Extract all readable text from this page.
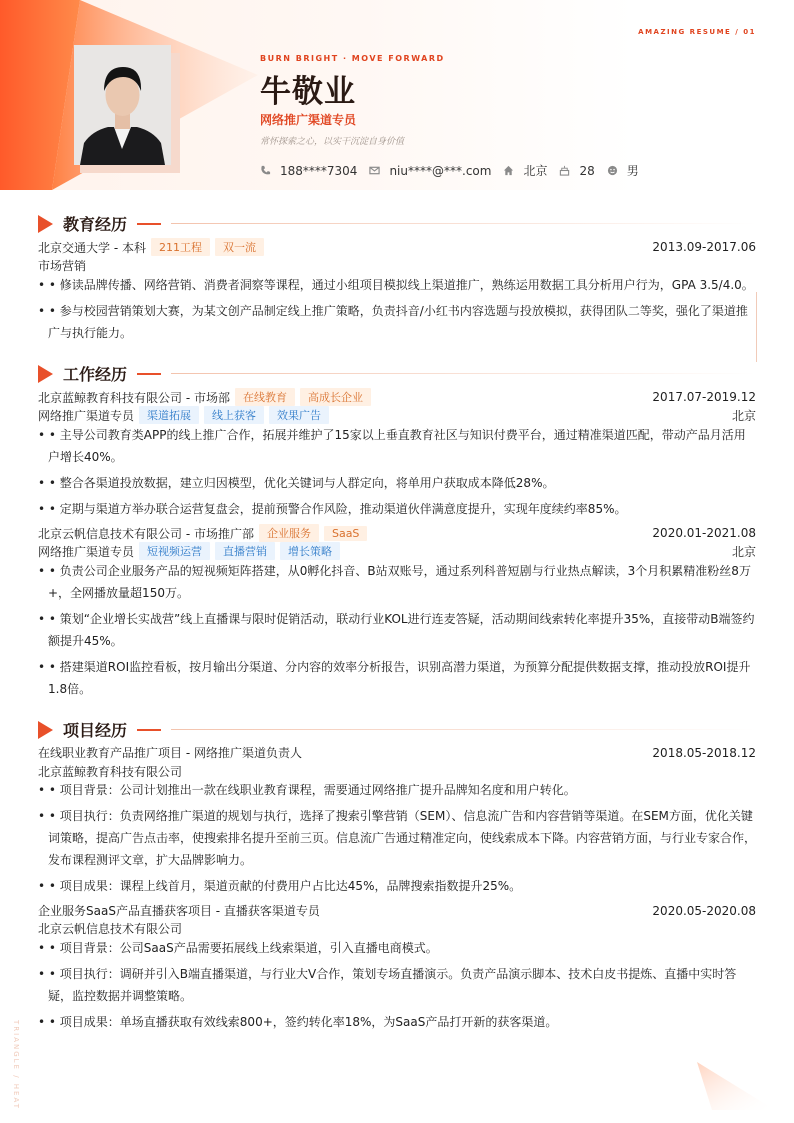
AMAZING RESUME / 01
TRIANGLE / HEAT
BURN BRIGHT · MOVE FORWARD
牛敬业
网络推广渠道专员
常怀探索之心，以实干沉淀自身价值
188****7304	niu****@***.com	北京	28	男
教育经历
北京交通大学 - 本科	211工程	双一流	2013.09-2017.06
市场营销
• • 修读品牌传播、网络营销、消费者洞察等课程，通过小组项目模拟线上渠道推广，熟练运用数据工具分析用户行为，GPA 3.5/4.0。
• • 参与校园营销策划大赛，为某文创产品制定线上推广策略，负责抖音/小红书内容选题与投放模拟，获得团队二等奖，强化了渠道推广与执行能力。
工作经历
北京蓝鲸教育科技有限公司 - 市场部	在线教育	高成长企业	2017.07-2019.12
网络推广渠道专员	渠道拓展	线上获客	效果广告	北京
• • 主导公司教育类APP的线上推广合作，拓展并维护了15家以上垂直教育社区与知识付费平台，通过精准渠道匹配，带动产品月活用户增长40%。
• • 整合各渠道投放数据，建立归因模型，优化关键词与人群定向，将单用户获取成本降低28%。
• • 定期与渠道方举办联合运营复盘会，提前预警合作风险，推动渠道伙伴满意度提升，实现年度续约率85%。
北京云帆信息技术有限公司 - 市场推广部	企业服务	SaaS	2020.01-2021.08
网络推广渠道专员	短视频运营	直播营销	增长策略	北京
• • 负责公司企业服务产品的短视频矩阵搭建，从0孵化抖音、B站双账号，通过系列科普短剧与行业热点解读，3个月积累精准粉丝8万+，全网播放量超150万。
• • 策划“企业增长实战营”线上直播课与限时促销活动，联动行业KOL进行连麦答疑，活动期间线索转化率提升35%，直接带动B端签约额提升45%。
• • 搭建渠道ROI监控看板，按月输出分渠道、分内容的效率分析报告，识别高潜力渠道，为预算分配提供数据支撑，推动投放ROI提升1.8倍。
项目经历
在线职业教育产品推广项目 - 网络推广渠道负责人	2018.05-2018.12
北京蓝鲸教育科技有限公司
• • 项目背景：公司计划推出一款在线职业教育课程，需要通过网络推广提升品牌知名度和用户转化。
• • 项目执行：负责网络推广渠道的规划与执行，选择了搜索引擎营销（SEM）、信息流广告和内容营销等渠道。在SEM方面，优化关键词策略，提高广告点击率，使搜索排名提升至前三页。信息流广告通过精准定向，使线索成本下降。内容营销方面，与行业专家合作，发布课程测评文章，扩大品牌影响力。
• • 项目成果：课程上线首月，渠道贡献的付费用户占比达45%，品牌搜索指数提升25%。
企业服务SaaS产品直播获客项目 - 直播获客渠道专员	2020.05-2020.08
北京云帆信息技术有限公司
• • 项目背景：公司SaaS产品需要拓展线上线索渠道，引入直播电商模式。
• • 项目执行：调研并引入B端直播渠道，与行业大V合作，策划专场直播演示。负责产品演示脚本、技术白皮书提炼、直播中实时答疑，监控数据并调整策略。
• • 项目成果：单场直播获取有效线索800+，签约转化率18%，为SaaS产品打开新的获客渠道。
